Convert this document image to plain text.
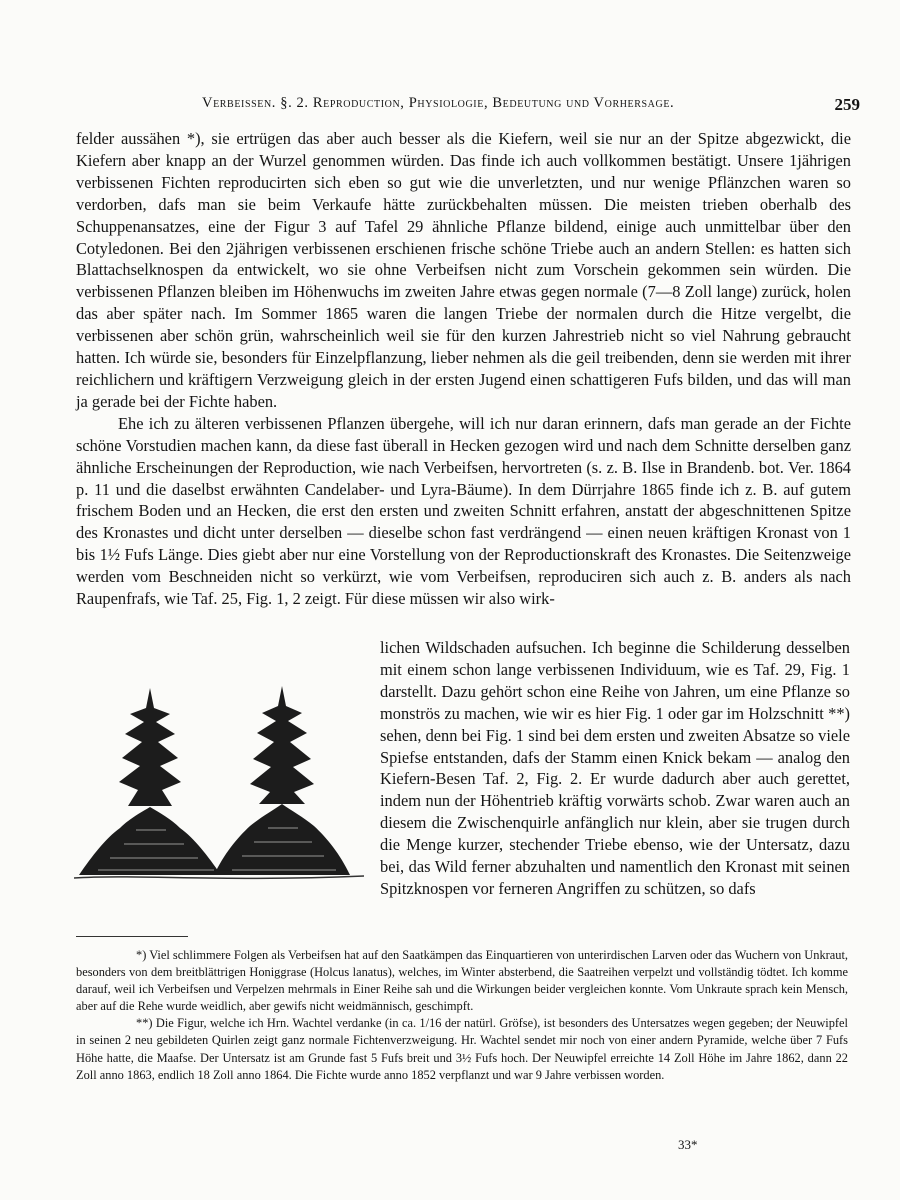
Verbeissen. §. 2. Reproduction, Physiologie, Bedeutung und Vorhersage.	259

felder aussähen *), sie ertrügen das aber auch besser als die Kiefern, weil sie nur an der Spitze abgezwickt, die Kiefern aber knapp an der Wurzel genommen würden. Das finde ich auch vollkommen bestätigt. Unsere 1jährigen verbissenen Fichten reproducirten sich eben so gut wie die unverletzten, und nur wenige Pflänzchen waren so verdorben, dafs man sie beim Verkaufe hätte zurückbehalten müssen. Die meisten trieben oberhalb des Schuppenansatzes, eine der Figur 3 auf Tafel 29 ähnliche Pflanze bildend, einige auch unmittelbar über den Cotyledonen. Bei den 2jährigen verbissenen erschienen frische schöne Triebe auch an andern Stellen: es hatten sich Blattachselknospen da entwickelt, wo sie ohne Verbeifsen nicht zum Vorschein gekommen sein würden. Die verbissenen Pflanzen bleiben im Höhenwuchs im zweiten Jahre etwas gegen normale (7—8 Zoll lange) zurück, holen das aber später nach. Im Sommer 1865 waren die langen Triebe der normalen durch die Hitze vergelbt, die verbissenen aber schön grün, wahrscheinlich weil sie für den kurzen Jahrestrieb nicht so viel Nahrung gebraucht hatten. Ich würde sie, besonders für Einzelpflanzung, lieber nehmen als die geil treibenden, denn sie werden mit ihrer reichlichern und kräftigern Verzweigung gleich in der ersten Jugend einen schattigeren Fufs bilden, und das will man ja gerade bei der Fichte haben.

Ehe ich zu älteren verbissenen Pflanzen übergehe, will ich nur daran erinnern, dafs man gerade an der Fichte schöne Vorstudien machen kann, da diese fast überall in Hecken gezogen wird und nach dem Schnitte derselben ganz ähnliche Erscheinungen der Reproduction, wie nach Verbeifsen, hervortreten (s. z. B. Ilse in Brandenb. bot. Ver. 1864 p. 11 und die daselbst erwähnten Candelaber- und Lyra-Bäume). In dem Dürrjahre 1865 finde ich z. B. auf gutem frischem Boden und an Hecken, die erst den ersten und zweiten Schnitt erfahren, anstatt der abgeschnittenen Spitze des Kronastes und dicht unter derselben — dieselbe schon fast verdrängend — einen neuen kräftigen Kronast von 1 bis 1½ Fufs Länge. Dies giebt aber nur eine Vorstellung von der Reproductionskraft des Kronastes. Die Seitenzweige werden vom Beschneiden nicht so verkürzt, wie vom Verbeifsen, reproduciren sich auch z. B. anders als nach Raupenfrafs, wie Taf. 25, Fig. 1, 2 zeigt. Für diese müssen wir also wirk-

lichen Wildschaden aufsuchen. Ich beginne die Schilderung desselben mit einem schon lange verbissenen Individuum, wie es Taf. 29, Fig. 1 darstellt. Dazu gehört schon eine Reihe von Jahren, um eine Pflanze so monströs zu machen, wie wir es hier Fig. 1 oder gar im Holzschnitt **) sehen, denn bei Fig. 1 sind bei dem ersten und zweiten Absatze so viele Spiefse entstanden, dafs der Stamm einen Knick bekam — analog den Kiefern-Besen Taf. 2, Fig. 2. Er wurde dadurch aber auch gerettet, indem nun der Höhentrieb kräftig vorwärts schob. Zwar waren auch an diesem die Zwischenquirle anfänglich nur klein, aber sie trugen durch die Menge kurzer, stechender Triebe ebenso, wie der Untersatz, dazu bei, das Wild ferner abzuhalten und namentlich den Kronast mit seinen Spitzknospen vor ferneren Angriffen zu schützen, so dafs

*) Viel schlimmere Folgen als Verbeifsen hat auf den Saatkämpen das Einquartieren von unterirdischen Larven oder das Wuchern von Unkraut, besonders von dem breitblättrigen Honiggrase (Holcus lanatus), welches, im Winter absterbend, die Saatreihen verpelzt und vollständig tödtet. Ich komme darauf, weil ich Verbeifsen und Verpelzen mehrmals in Einer Reihe sah und die Wirkungen beider vergleichen konnte. Vom Unkraute sprach kein Mensch, aber auf die Rehe wurde weidlich, aber gewifs nicht weidmännisch, geschimpft.

**) Die Figur, welche ich Hrn. Wachtel verdanke (in ca. 1/16 der natürl. Gröfse), ist besonders des Untersatzes wegen gegeben; der Neuwipfel in seinen 2 neu gebildeten Quirlen zeigt ganz normale Fichtenverzweigung. Hr. Wachtel sendet mir noch von einer andern Pyramide, welche über 7 Fufs Höhe hatte, die Maafse. Der Untersatz ist am Grunde fast 5 Fufs breit und 3½ Fufs hoch. Der Neuwipfel erreichte 14 Zoll Höhe im Jahre 1862, dann 22 Zoll anno 1863, endlich 18 Zoll anno 1864. Die Fichte wurde anno 1852 verpflanzt und war 9 Jahre verbissen worden.

33*
